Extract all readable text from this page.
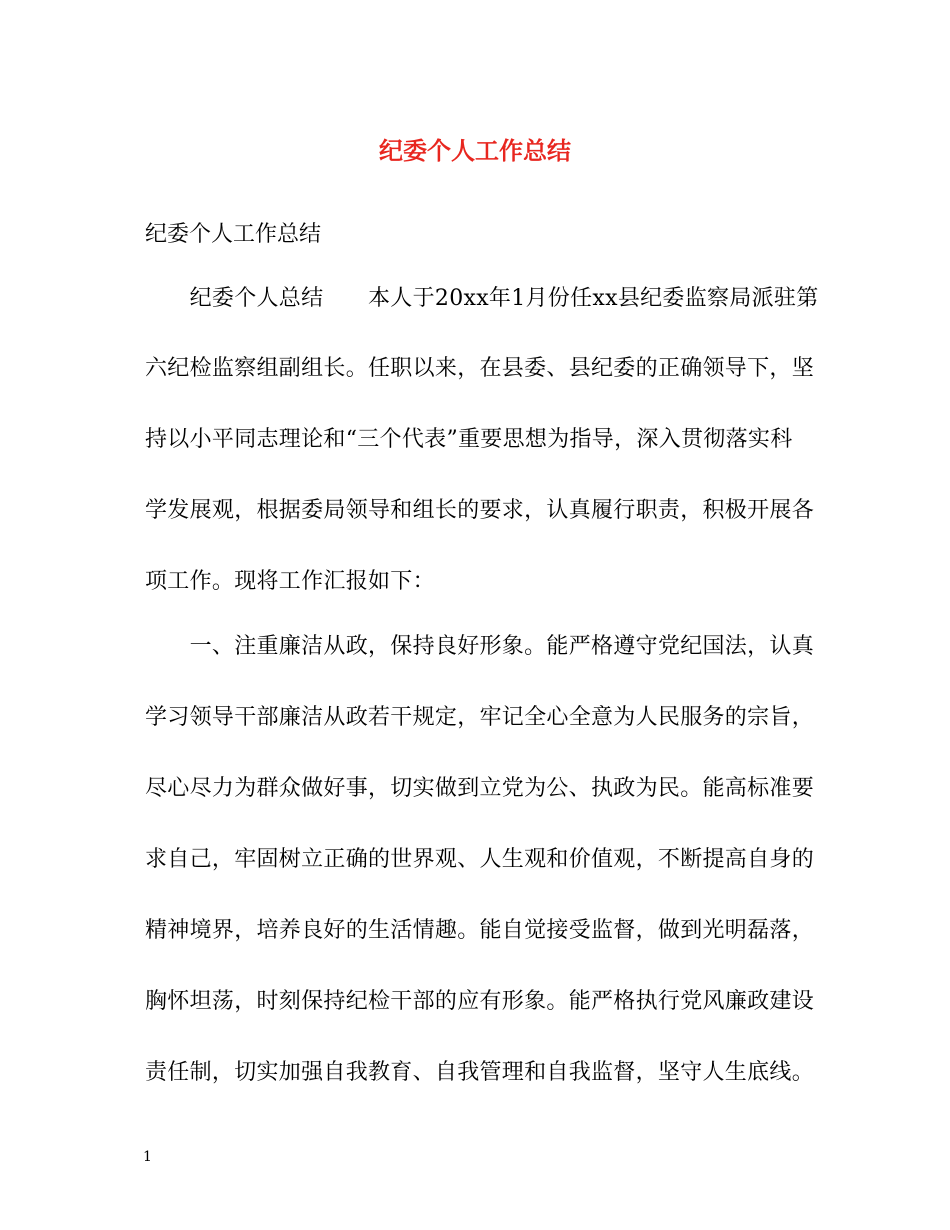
纪委个人工作总结
纪委个人工作总结
　　纪委个人总结　　本人于20xx年1月份任xx县纪委监察局派驻第
六纪检监察组副组长。任职以来，在县委、县纪委的正确领导下，坚
持以小平同志理论和“三个代表”重要思想为指导，深入贯彻落实科
学发展观，根据委局领导和组长的要求，认真履行职责，积极开展各
项工作。现将工作汇报如下：
　　一、注重廉洁从政，保持良好形象。能严格遵守党纪国法，认真
学习领导干部廉洁从政若干规定，牢记全心全意为人民服务的宗旨，
尽心尽力为群众做好事，切实做到立党为公、执政为民。能高标准要
求自己，牢固树立正确的世界观、人生观和价值观，不断提高自身的
精神境界，培养良好的生活情趣。能自觉接受监督，做到光明磊落，
胸怀坦荡，时刻保持纪检干部的应有形象。能严格执行党风廉政建设
责任制，切实加强自我教育、自我管理和自我监督，坚守人生底线。
1
